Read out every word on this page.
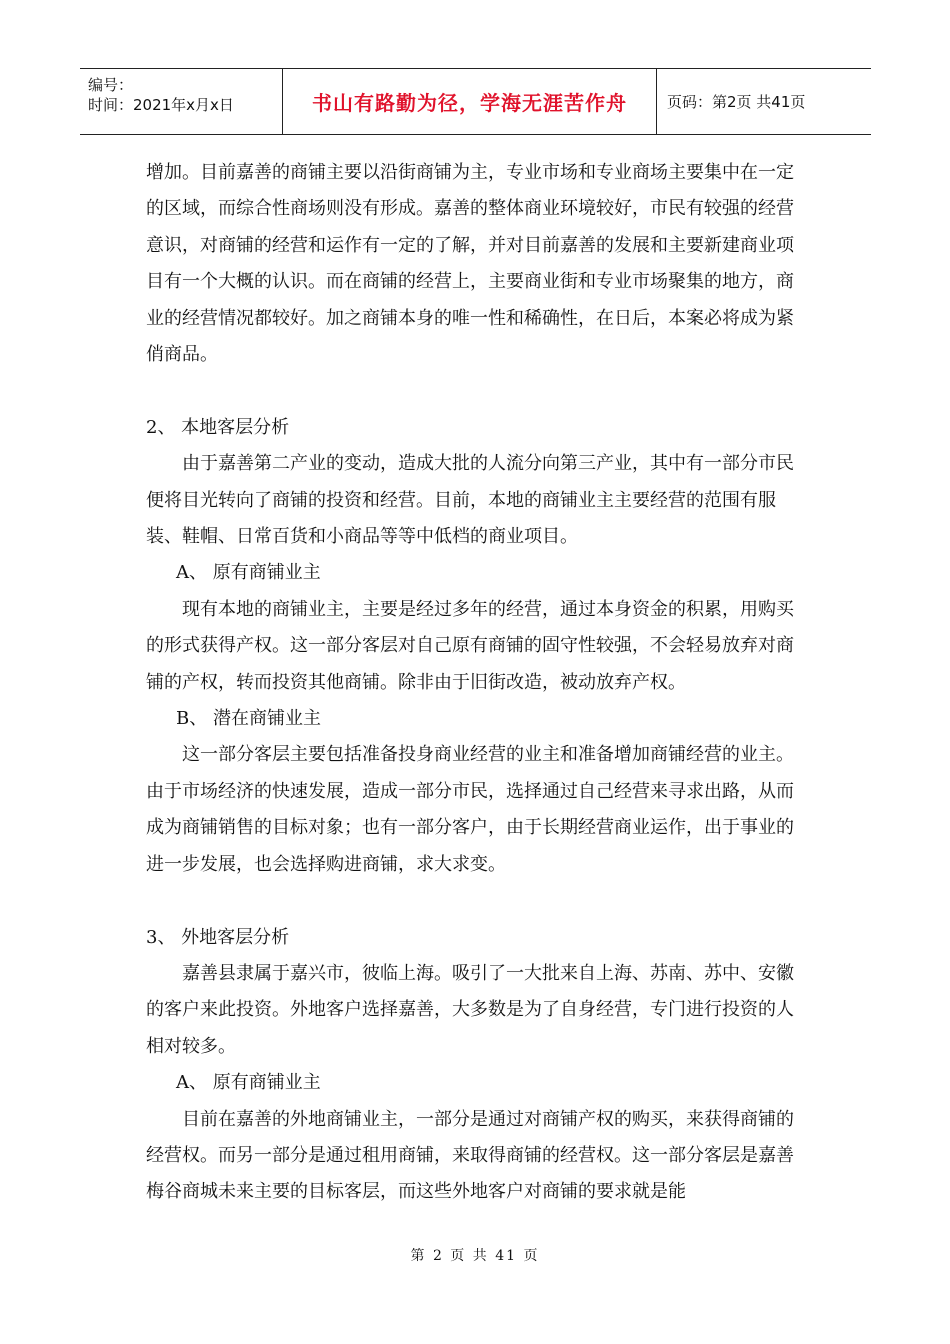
编号：
时间：2021年x月x日	书山有路勤为径，学海无涯苦作舟	页码：第2页 共41页

增加。目前嘉善的商铺主要以沿街商铺为主，专业市场和专业商场主要集中在一定的区域，而综合性商场则没有形成。嘉善的整体商业环境较好，市民有较强的经营意识，对商铺的经营和运作有一定的了解，并对目前嘉善的发展和主要新建商业项目有一个大概的认识。而在商铺的经营上，主要商业街和专业市场聚集的地方，商业的经营情况都较好。加之商铺本身的唯一性和稀确性，在日后，本案必将成为紧俏商品。

2、 本地客层分析

由于嘉善第二产业的变动，造成大批的人流分向第三产业，其中有一部分市民便将目光转向了商铺的投资和经营。目前，本地的商铺业主主要经营的范围有服装、鞋帽、日常百货和小商品等等中低档的商业项目。

A、 原有商铺业主

现有本地的商铺业主，主要是经过多年的经营，通过本身资金的积累，用购买的形式获得产权。这一部分客层对自己原有商铺的固守性较强，不会轻易放弃对商铺的产权，转而投资其他商铺。除非由于旧街改造，被动放弃产权。

B、 潜在商铺业主

这一部分客层主要包括准备投身商业经营的业主和准备增加商铺经营的业主。由于市场经济的快速发展，造成一部分市民，选择通过自己经营来寻求出路，从而成为商铺销售的目标对象；也有一部分客户，由于长期经营商业运作，出于事业的进一步发展，也会选择购进商铺，求大求变。

3、 外地客层分析

嘉善县隶属于嘉兴市，彼临上海。吸引了一大批来自上海、苏南、苏中、安徽的客户来此投资。外地客户选择嘉善，大多数是为了自身经营，专门进行投资的人相对较多。

A、 原有商铺业主

目前在嘉善的外地商铺业主，一部分是通过对商铺产权的购买，来获得商铺的经营权。而另一部分是通过租用商铺，来取得商铺的经营权。这一部分客层是嘉善梅谷商城未来主要的目标客层，而这些外地客户对商铺的要求就是能

第 2 页 共 41 页
